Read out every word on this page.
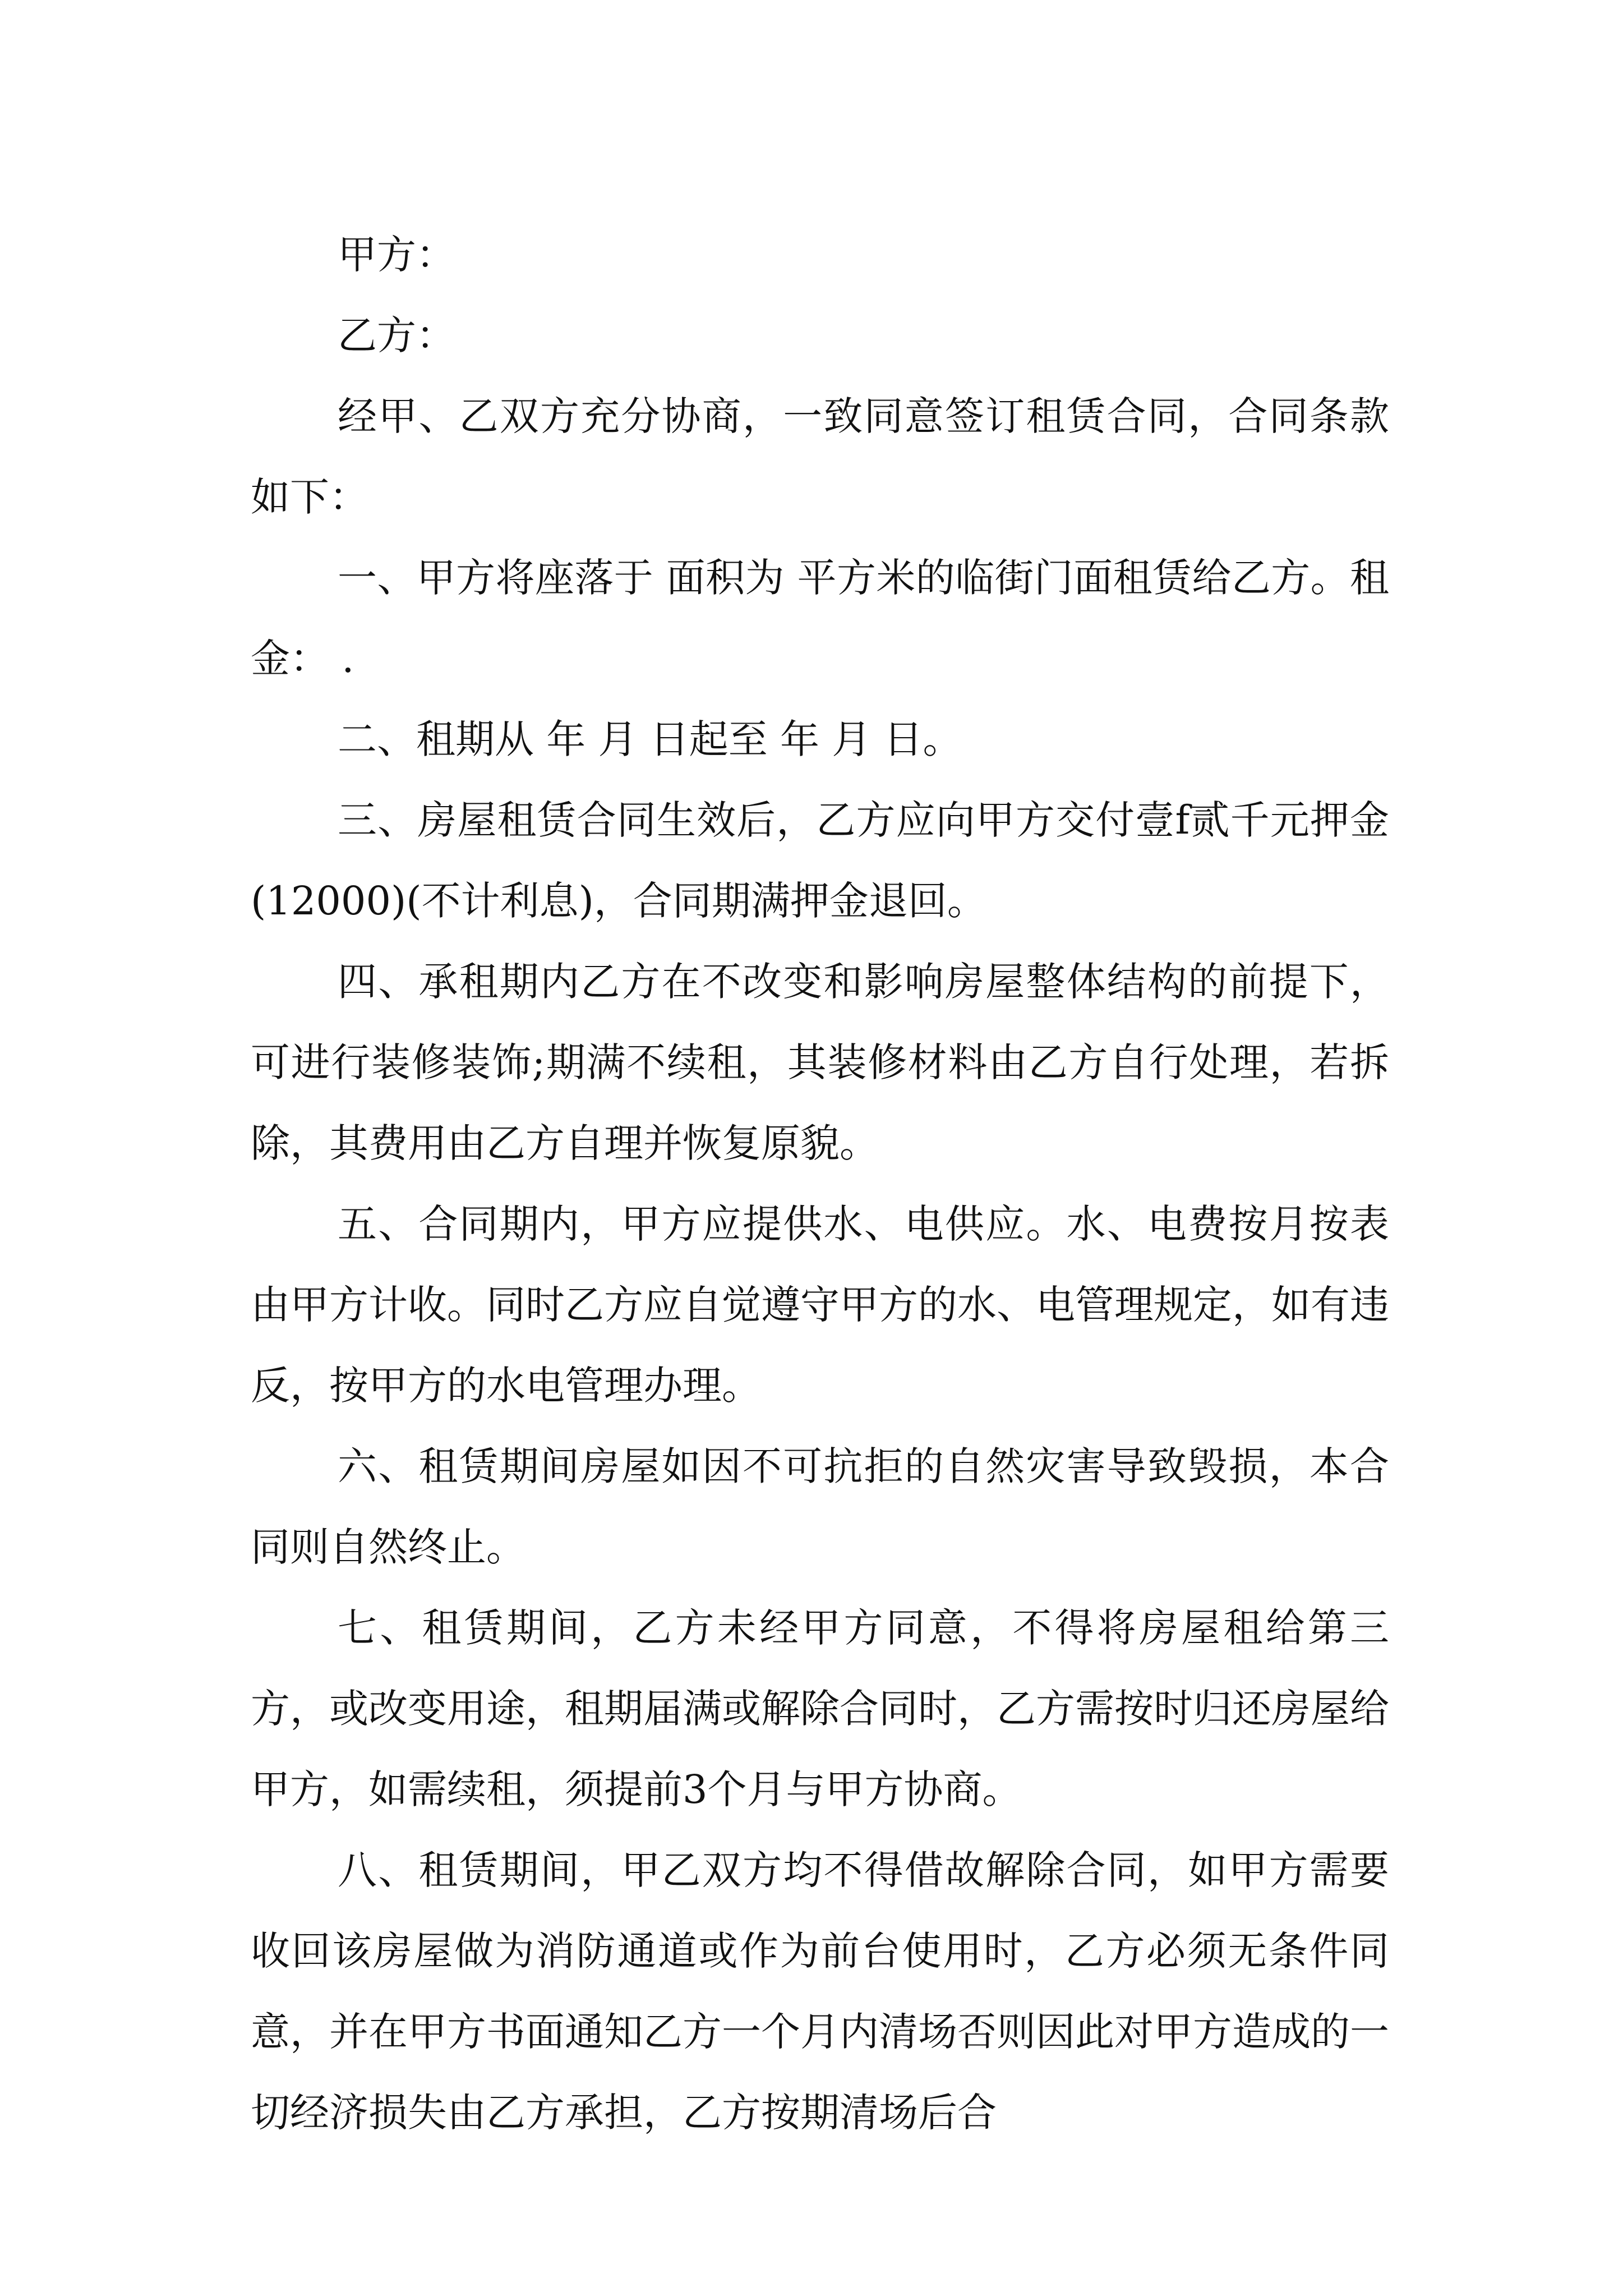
甲方：

乙方：

经甲、乙双方充分协商，一致同意签订租赁合同，合同条款如下：

一、甲方将座落于 面积为 平方米的临街门面租赁给乙方。租金： .

二、租期从 年 月 日起至 年 月 日。

三、房屋租赁合同生效后，乙方应向甲方交付壹f贰千元押金(12000)(不计利息)，合同期满押金退回。

四、承租期内乙方在不改变和影响房屋整体结构的前提下，可进行装修装饰;期满不续租，其装修材料由乙方自行处理，若拆除，其费用由乙方自理并恢复原貌。

五、合同期内，甲方应提供水、电供应。水、电费按月按表由甲方计收。同时乙方应自觉遵守甲方的水、电管理规定，如有违反，按甲方的水电管理办理。

六、租赁期间房屋如因不可抗拒的自然灾害导致毁损，本合同则自然终止。

七、租赁期间，乙方未经甲方同意，不得将房屋租给第三方，或改变用途，租期届满或解除合同时，乙方需按时归还房屋给甲方，如需续租，须提前3个月与甲方协商。

八、租赁期间，甲乙双方均不得借故解除合同，如甲方需要收回该房屋做为消防通道或作为前台使用时，乙方必须无条件同意，并在甲方书面通知乙方一个月内清场否则因此对甲方造成的一切经济损失由乙方承担，乙方按期清场后合
